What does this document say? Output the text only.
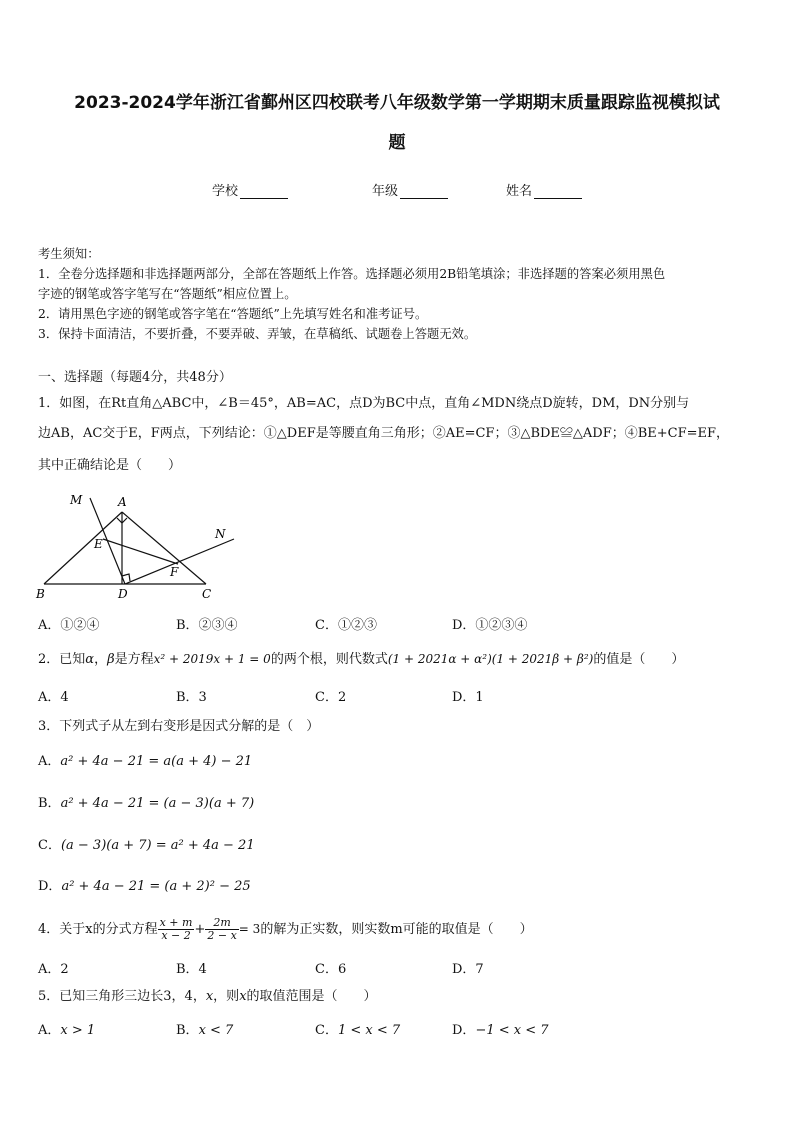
2023-2024学年浙江省鄞州区四校联考八年级数学第一学期期末质量跟踪监视模拟试
题
学校	年级	姓名
考生须知：
1．全卷分选择题和非选择题两部分，全部在答题纸上作答。选择题必须用2B铅笔填涂；非选择题的答案必须用黑色
字迹的钢笔或答字笔写在“答题纸”相应位置上。
2．请用黑色字迹的钢笔或答字笔在“答题纸”上先填写姓名和准考证号。
3．保持卡面清洁，不要折叠，不要弄破、弄皱，在草稿纸、试题卷上答题无效。
一、选择题（每题4分，共48分）
1．如图，在Rt直角△ABC中，∠B＝45°，AB=AC，点D为BC中点，直角∠MDN绕点D旋转，DM，DN分别与
边AB，AC交于E，F两点，下列结论：①△DEF是等腰直角三角形；②AE=CF；③△BDE≌△ADF；④BE+CF=EF，
其中正确结论是（　　）
M	A
N
E
F
B	D	C
A．①②④	B．②③④	C．①②③	D．①②③④
2．已知α，β是方程x² + 2019x + 1 = 0的两个根，则代数式(1 + 2021α + α²)(1 + 2021β + β²)的值是（　　）
A．4	B．3	C．2	D．1
3．下列式子从左到右变形是因式分解的是（　）
A．a² + 4a − 21 = a(a + 4) − 21
B．a² + 4a − 21 = (a − 3)(a + 7)
C．(a − 3)(a + 7) = a² + 4a − 21
D．a² + 4a − 21 = (a + 2)² − 25
4．关于x的分式方程 $\frac{x + m}{x - 2} + \frac{2m}{2 - x} = 3$的解为正实数，则实数m可能的取值是（　　）
A．2	B．4	C．6	D．7
5．已知三角形三边长3，4，x，则x的取值范围是（　　）
A．x > 1	B．x < 7	C．1 < x < 7	D．−1 < x < 7
